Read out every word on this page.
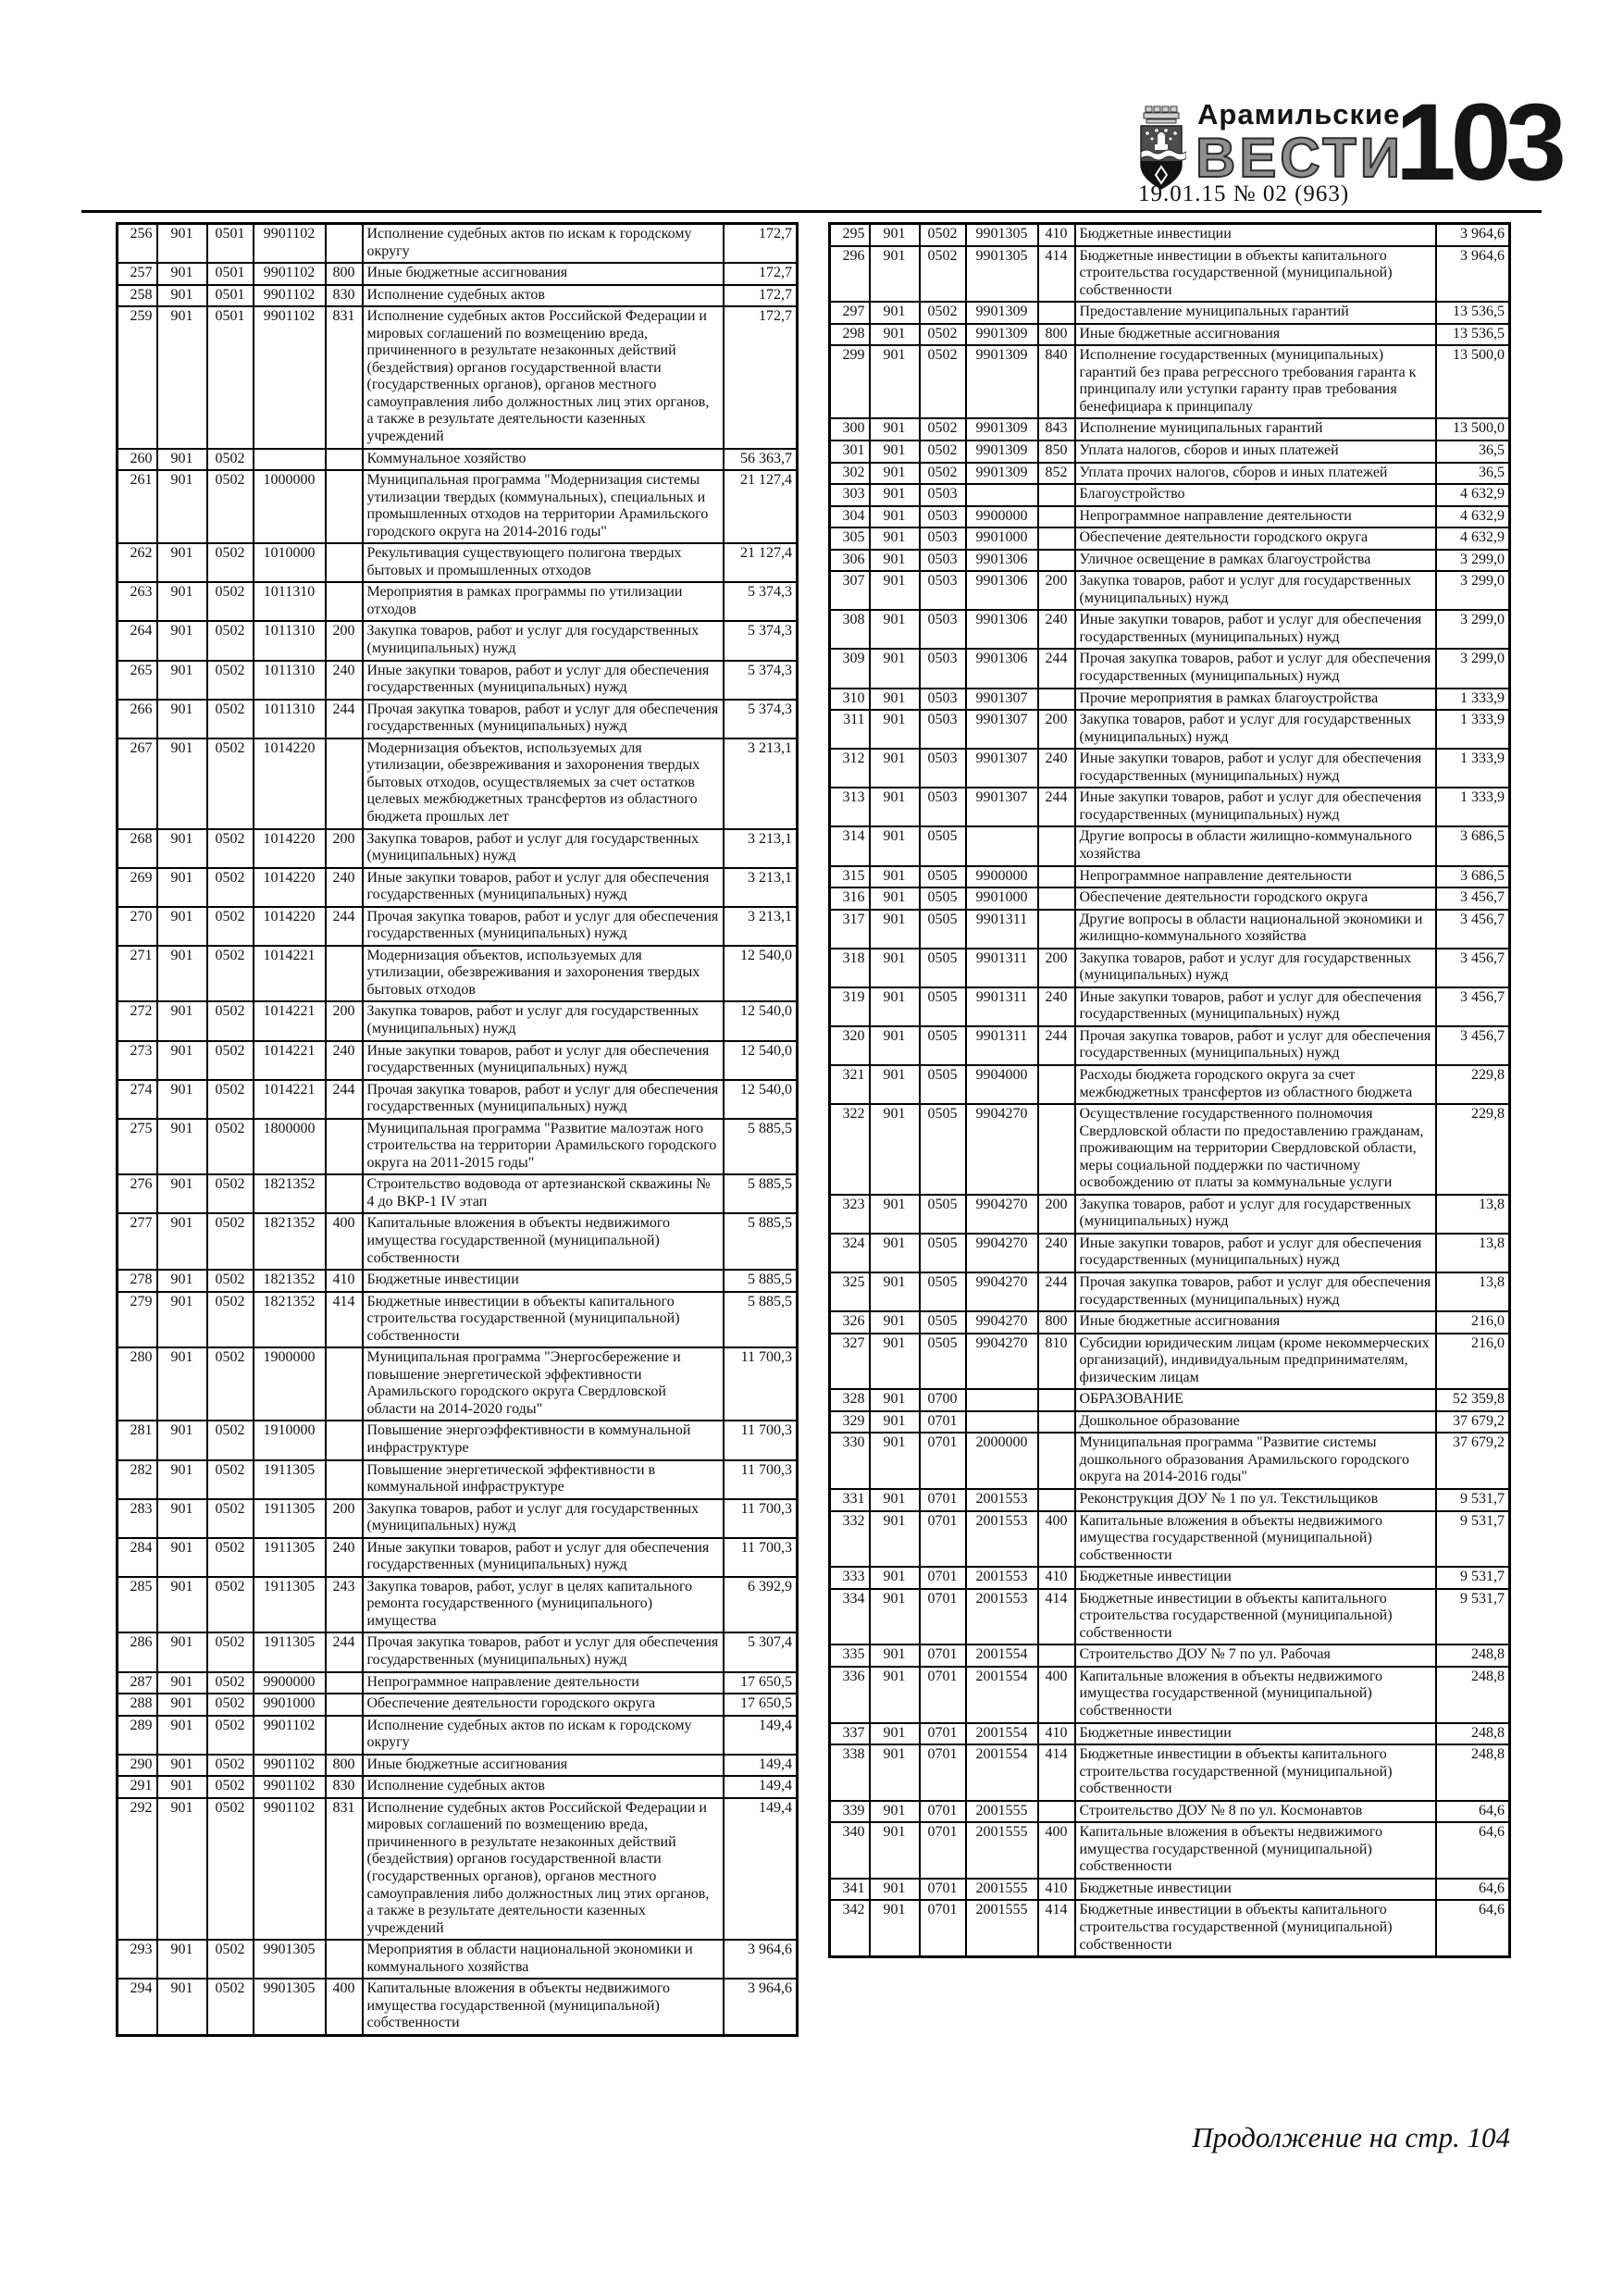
Арамильские
ВЕСТИ
103
19.01.15 № 02 (963)
256	901	0501	9901102		Исполнение судебных актов по искам к городскому округу	172,7
257	901	0501	9901102	800	Иные бюджетные ассигнования	172,7
258	901	0501	9901102	830	Исполнение судебных актов	172,7
259	901	0501	9901102	831	Исполнение судебных актов Российской Федерации и мировых соглашений по возмещению вреда, причиненного в результате незаконных действий (бездействия) органов государственной власти (государственных органов), органов местного самоуправления либо должностных лиц этих органов, а также в результате деятельности казенных учреждений	172,7
260	901	0502			Коммунальное хозяйство	56 363,7
261	901	0502	1000000		Муниципальная программа "Модернизация системы утилизации твердых (коммунальных), специальных и промышленных отходов на территории Арамильского городского округа на 2014-2016 годы"	21 127,4
262	901	0502	1010000		Рекультивация существующего полигона твердых бытовых и промышленных отходов	21 127,4
263	901	0502	1011310		Мероприятия в рамках программы по утилизации отходов	5 374,3
264	901	0502	1011310	200	Закупка товаров, работ и услуг для государственных (муниципальных) нужд	5 374,3
265	901	0502	1011310	240	Иные закупки товаров, работ и услуг для обеспечения государственных (муниципальных) нужд	5 374,3
266	901	0502	1011310	244	Прочая закупка товаров, работ и услуг для обеспечения государственных (муниципальных) нужд	5 374,3
267	901	0502	1014220		Модернизация объектов, используемых для утилизации, обезвреживания и захоронения твердых бытовых отходов, осуществляемых за счет остатков целевых межбюджетных трансфертов из областного бюджета прошлых лет	3 213,1
268	901	0502	1014220	200	Закупка товаров, работ и услуг для государственных (муниципальных) нужд	3 213,1
269	901	0502	1014220	240	Иные закупки товаров, работ и услуг для обеспечения государственных (муниципальных) нужд	3 213,1
270	901	0502	1014220	244	Прочая закупка товаров, работ и услуг для обеспечения государственных (муниципальных) нужд	3 213,1
271	901	0502	1014221		Модернизация объектов, используемых для утилизации, обезвреживания и захоронения твердых бытовых отходов	12 540,0
272	901	0502	1014221	200	Закупка товаров, работ и услуг для государственных (муниципальных) нужд	12 540,0
273	901	0502	1014221	240	Иные закупки товаров, работ и услуг для обеспечения государственных (муниципальных) нужд	12 540,0
274	901	0502	1014221	244	Прочая закупка товаров, работ и услуг для обеспечения государственных (муниципальных) нужд	12 540,0
275	901	0502	1800000		Муниципальная программа "Развитие малоэтаж ного строительства на территории Арамильского городского округа на 2011-2015 годы"	5 885,5
276	901	0502	1821352		Строительство водовода от артезианской скважины № 4 до ВКР-1 IV этап	5 885,5
277	901	0502	1821352	400	Капитальные вложения в объекты недвижимого имущества государственной (муниципальной) собственности	5 885,5
278	901	0502	1821352	410	Бюджетные инвестиции	5 885,5
279	901	0502	1821352	414	Бюджетные инвестиции в объекты капитального строительства государственной (муниципальной) собственности	5 885,5
280	901	0502	1900000		Муниципальная программа "Энергосбережение и повышение энергетической эффективности Арамильского городского округа Свердловской области на 2014-2020 годы"	11 700,3
281	901	0502	1910000		Повышение энергоэффективности в коммунальной инфраструктуре	11 700,3
282	901	0502	1911305		Повышение энергетической эффективности в коммунальной инфраструктуре	11 700,3
283	901	0502	1911305	200	Закупка товаров, работ и услуг для государственных (муниципальных) нужд	11 700,3
284	901	0502	1911305	240	Иные закупки товаров, работ и услуг для обеспечения государственных (муниципальных) нужд	11 700,3
285	901	0502	1911305	243	Закупка товаров, работ, услуг в целях капитального ремонта государственного (муниципального) имущества	6 392,9
286	901	0502	1911305	244	Прочая закупка товаров, работ и услуг для обеспечения государственных (муниципальных) нужд	5 307,4
287	901	0502	9900000		Непрограммное направление деятельности	17 650,5
288	901	0502	9901000		Обеспечение деятельности городского округа	17 650,5
289	901	0502	9901102		Исполнение судебных актов по искам к городскому округу	149,4
290	901	0502	9901102	800	Иные бюджетные ассигнования	149,4
291	901	0502	9901102	830	Исполнение судебных актов	149,4
292	901	0502	9901102	831	Исполнение судебных актов Российской Федерации и мировых соглашений по возмещению вреда, причиненного в результате незаконных действий (бездействия) органов государственной власти (государственных органов), органов местного самоуправления либо должностных лиц этих органов, а также в результате деятельности казенных учреждений	149,4
293	901	0502	9901305		Мероприятия в области национальной экономики и коммунального хозяйства	3 964,6
294	901	0502	9901305	400	Капитальные вложения в объекты недвижимого имущества государственной (муниципальной) собственности	3 964,6
295	901	0502	9901305	410	Бюджетные инвестиции	3 964,6
296	901	0502	9901305	414	Бюджетные инвестиции в объекты капитального строительства государственной (муниципальной) собственности	3 964,6
297	901	0502	9901309		Предоставление муниципальных гарантий	13 536,5
298	901	0502	9901309	800	Иные бюджетные ассигнования	13 536,5
299	901	0502	9901309	840	Исполнение государственных (муниципальных) гарантий без права регрессного требования гаранта к принципалу или уступки гаранту прав требования бенефициара к принципалу	13 500,0
300	901	0502	9901309	843	Исполнение муниципальных гарантий	13 500,0
301	901	0502	9901309	850	Уплата налогов, сборов и иных платежей	36,5
302	901	0502	9901309	852	Уплата прочих налогов, сборов и иных платежей	36,5
303	901	0503			Благоустройство	4 632,9
304	901	0503	9900000		Непрограммное направление деятельности	4 632,9
305	901	0503	9901000		Обеспечение деятельности городского округа	4 632,9
306	901	0503	9901306		Уличное освещение в рамках благоустройства	3 299,0
307	901	0503	9901306	200	Закупка товаров, работ и услуг для государственных (муниципальных) нужд	3 299,0
308	901	0503	9901306	240	Иные закупки товаров, работ и услуг для обеспечения государственных (муниципальных) нужд	3 299,0
309	901	0503	9901306	244	Прочая закупка товаров, работ и услуг для обеспечения государственных (муниципальных) нужд	3 299,0
310	901	0503	9901307		Прочие мероприятия в рамках благоустройства	1 333,9
311	901	0503	9901307	200	Закупка товаров, работ и услуг для государственных (муниципальных) нужд	1 333,9
312	901	0503	9901307	240	Иные закупки товаров, работ и услуг для обеспечения государственных (муниципальных) нужд	1 333,9
313	901	0503	9901307	244	Иные закупки товаров, работ и услуг для обеспечения государственных (муниципальных) нужд	1 333,9
314	901	0505			Другие вопросы в области жилищно-коммунального хозяйства	3 686,5
315	901	0505	9900000		Непрограммное направление деятельности	3 686,5
316	901	0505	9901000		Обеспечение деятельности городского округа	3 456,7
317	901	0505	9901311		Другие вопросы в области национальной экономики и жилищно-коммунального хозяйства	3 456,7
318	901	0505	9901311	200	Закупка товаров, работ и услуг для государственных (муниципальных) нужд	3 456,7
319	901	0505	9901311	240	Иные закупки товаров, работ и услуг для обеспечения государственных (муниципальных) нужд	3 456,7
320	901	0505	9901311	244	Прочая закупка товаров, работ и услуг для обеспечения государственных (муниципальных) нужд	3 456,7
321	901	0505	9904000		Расходы бюджета городского округа за счет межбюджетных трансфертов из областного бюджета	229,8
322	901	0505	9904270		Осуществление государственного полномочия Свердловской области по предоставлению гражданам, проживающим на территории Свердловской области, меры социальной поддержки по частичному освобождению от платы за коммунальные услуги	229,8
323	901	0505	9904270	200	Закупка товаров, работ и услуг для государственных (муниципальных) нужд	13,8
324	901	0505	9904270	240	Иные закупки товаров, работ и услуг для обеспечения государственных (муниципальных) нужд	13,8
325	901	0505	9904270	244	Прочая закупка товаров, работ и услуг для обеспечения государственных (муниципальных) нужд	13,8
326	901	0505	9904270	800	Иные бюджетные ассигнования	216,0
327	901	0505	9904270	810	Субсидии юридическим лицам (кроме некоммерческих организаций), индивидуальным предпринимателям, физическим лицам	216,0
328	901	0700			ОБРАЗОВАНИЕ	52 359,8
329	901	0701			Дошкольное образование	37 679,2
330	901	0701	2000000		Муниципальная программа "Развитие системы дошкольного образования Арамильского городского округа на 2014-2016 годы"	37 679,2
331	901	0701	2001553		Реконструкция ДОУ № 1 по ул. Текстильщиков	9 531,7
332	901	0701	2001553	400	Капитальные вложения в объекты недвижимого имущества государственной (муниципальной) собственности	9 531,7
333	901	0701	2001553	410	Бюджетные инвестиции	9 531,7
334	901	0701	2001553	414	Бюджетные инвестиции в объекты капитального строительства государственной (муниципальной) собственности	9 531,7
335	901	0701	2001554		Строительство ДОУ № 7 по ул. Рабочая	248,8
336	901	0701	2001554	400	Капитальные вложения в объекты недвижимого имущества государственной (муниципальной) собственности	248,8
337	901	0701	2001554	410	Бюджетные инвестиции	248,8
338	901	0701	2001554	414	Бюджетные инвестиции в объекты капитального строительства государственной (муниципальной) собственности	248,8
339	901	0701	2001555		Строительство ДОУ № 8 по ул. Космонавтов	64,6
340	901	0701	2001555	400	Капитальные вложения в объекты недвижимого имущества государственной (муниципальной) собственности	64,6
341	901	0701	2001555	410	Бюджетные инвестиции	64,6
342	901	0701	2001555	414	Бюджетные инвестиции в объекты капитального строительства государственной (муниципальной) собственности	64,6
Продолжение на стр. 104
